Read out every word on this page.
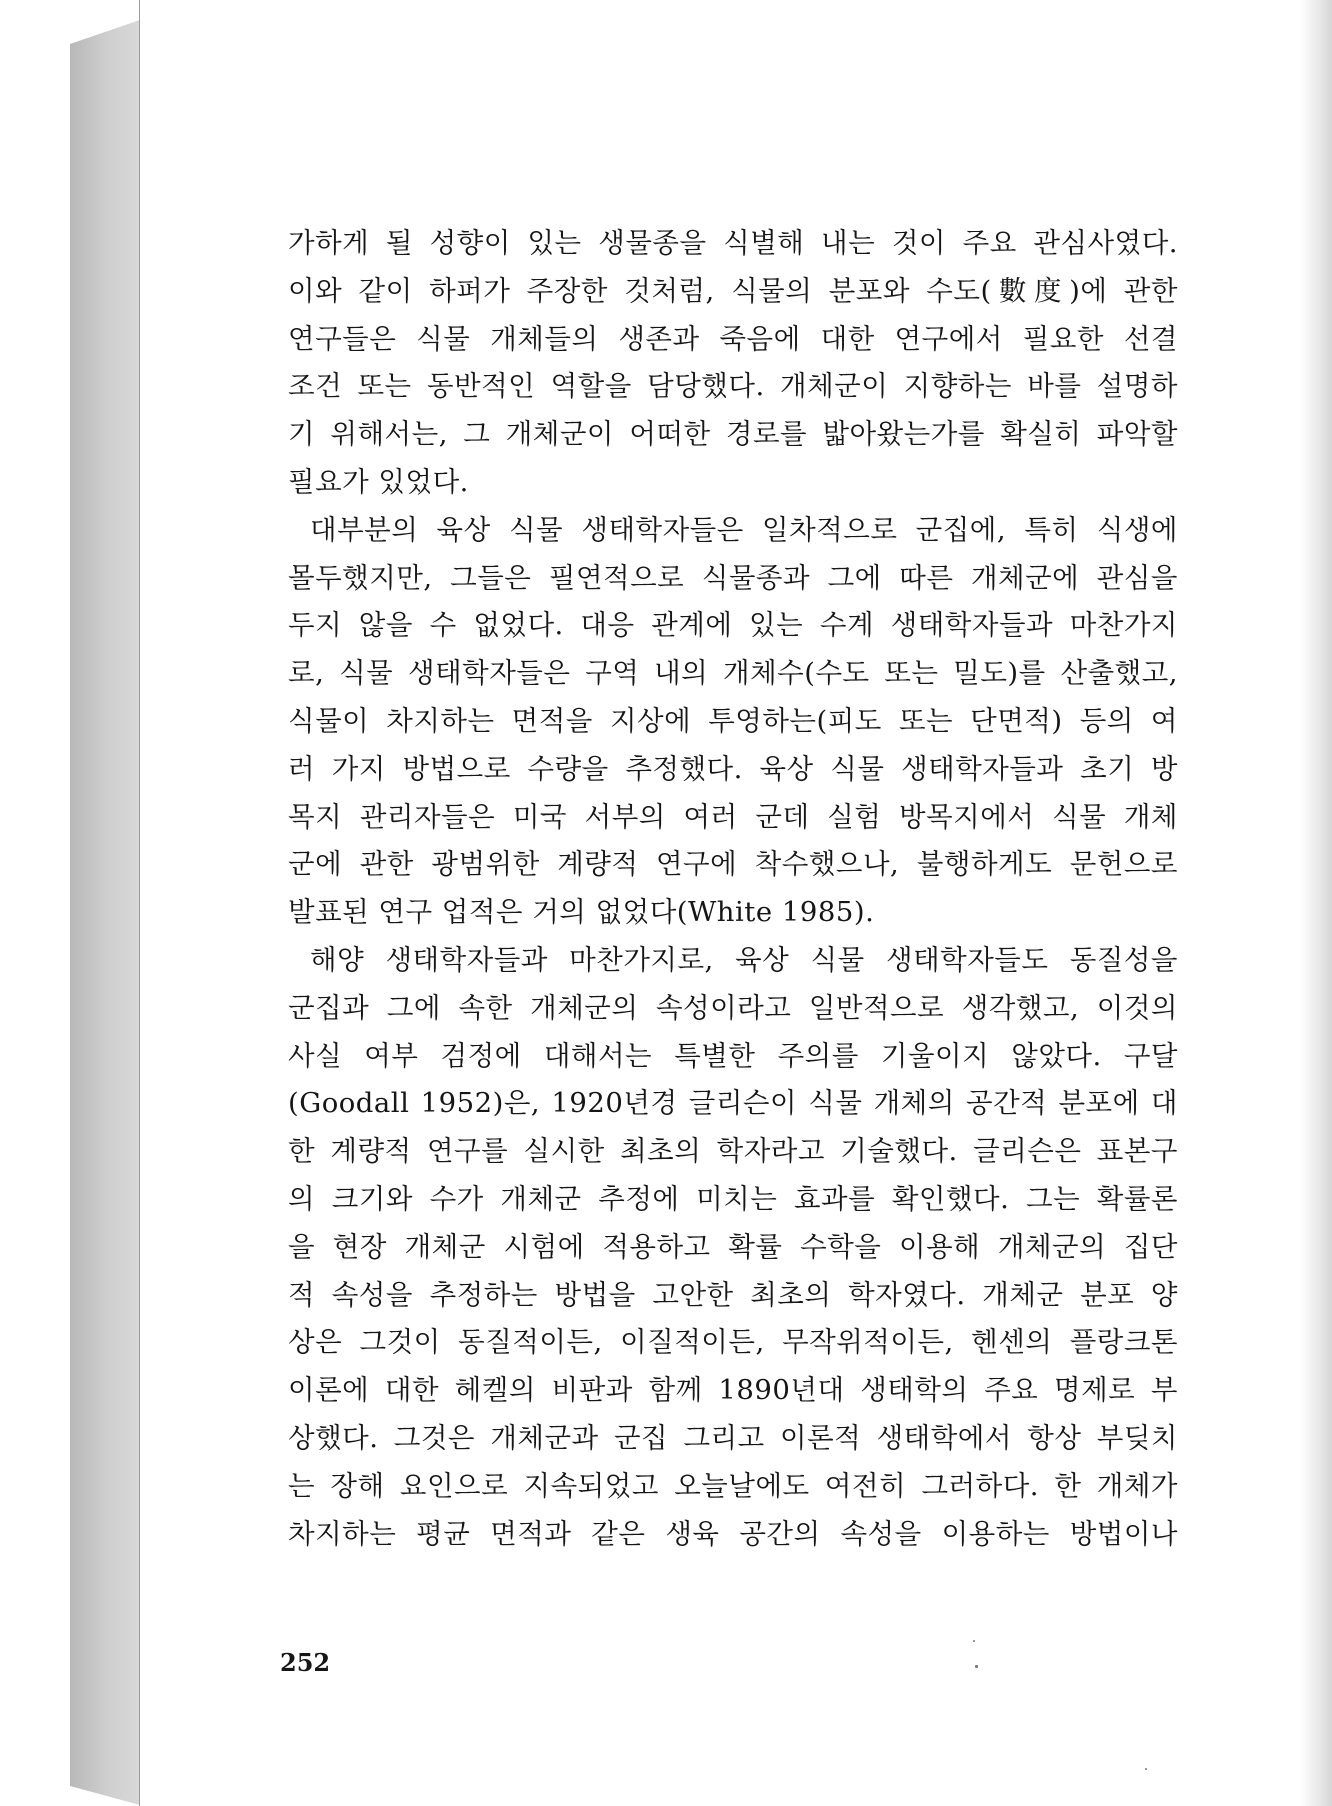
가하게 될 성향이 있는 생물종을 식별해 내는 것이 주요 관심사였다.
이와 같이 하퍼가 주장한 것처럼, 식물의 분포와 수도(數度)에 관한
연구들은 식물 개체들의 생존과 죽음에 대한 연구에서 필요한 선결
조건 또는 동반적인 역할을 담당했다. 개체군이 지향하는 바를 설명하
기 위해서는, 그 개체군이 어떠한 경로를 밟아왔는가를 확실히 파악할
필요가 있었다.
대부분의 육상 식물 생태학자들은 일차적으로 군집에, 특히 식생에
몰두했지만, 그들은 필연적으로 식물종과 그에 따른 개체군에 관심을
두지 않을 수 없었다. 대응 관계에 있는 수계 생태학자들과 마찬가지
로, 식물 생태학자들은 구역 내의 개체수(수도 또는 밀도)를 산출했고,
식물이 차지하는 면적을 지상에 투영하는(피도 또는 단면적) 등의 여
러 가지 방법으로 수량을 추정했다. 육상 식물 생태학자들과 초기 방
목지 관리자들은 미국 서부의 여러 군데 실험 방목지에서 식물 개체
군에 관한 광범위한 계량적 연구에 착수했으나, 불행하게도 문헌으로
발표된 연구 업적은 거의 없었다(White 1985).
해양 생태학자들과 마찬가지로, 육상 식물 생태학자들도 동질성을
군집과 그에 속한 개체군의 속성이라고 일반적으로 생각했고, 이것의
사실 여부 검정에 대해서는 특별한 주의를 기울이지 않았다. 구달
(Goodall 1952)은, 1920년경 글리슨이 식물 개체의 공간적 분포에 대
한 계량적 연구를 실시한 최초의 학자라고 기술했다. 글리슨은 표본구
의 크기와 수가 개체군 추정에 미치는 효과를 확인했다. 그는 확률론
을 현장 개체군 시험에 적용하고 확률 수학을 이용해 개체군의 집단
적 속성을 추정하는 방법을 고안한 최초의 학자였다. 개체군 분포 양
상은 그것이 동질적이든, 이질적이든, 무작위적이든, 헨센의 플랑크톤
이론에 대한 헤켈의 비판과 함께 1890년대 생태학의 주요 명제로 부
상했다. 그것은 개체군과 군집 그리고 이론적 생태학에서 항상 부딪치
는 장해 요인으로 지속되었고 오늘날에도 여전히 그러하다. 한 개체가
차지하는 평균 면적과 같은 생육 공간의 속성을 이용하는 방법이나
252
